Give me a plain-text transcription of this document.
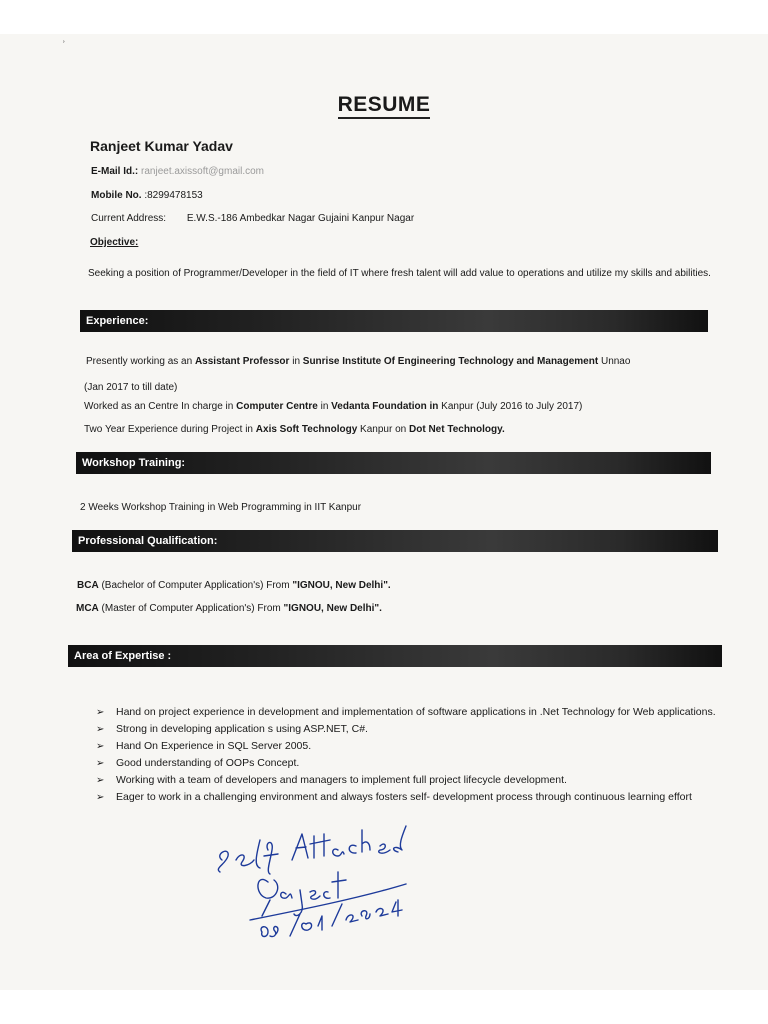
˒
RESUME
Ranjeet Kumar Yadav
E-Mail Id.: ranjeet.axissoft@gmail.com
Mobile No. :8299478153
Current Address: E.W.S.-186 Ambedkar Nagar Gujaini Kanpur Nagar
Objective:
Seeking a position of Programmer/Developer in the field of IT where fresh talent will add value to operations and utilize my skills and abilities.
Experience:
Presently working as an Assistant Professor in Sunrise Institute Of Engineering Technology and Management Unnao
(Jan 2017 to till date)
Worked as an Centre In charge in Computer Centre in Vedanta Foundation in Kanpur (July 2016 to July 2017)
Two Year Experience during Project in Axis Soft Technology Kanpur on Dot Net Technology.
Workshop Training:
2 Weeks Workshop Training in Web Programming in IIT Kanpur
Professional Qualification:
BCA (Bachelor of Computer Application's) From "IGNOU, New Delhi".
MCA (Master of Computer Application's) From "IGNOU, New Delhi".
Area of Expertise :
➢ Hand on project experience in development and implementation of software applications in .Net Technology for Web applications.
➢ Strong in developing application s using ASP.NET, C#.
➢ Hand On Experience in SQL Server 2005.
➢ Good understanding of OOPs Concept.
➢ Working with a team of developers and managers to implement full project lifecycle development.
➢ Eager to work in a challenging environment and always fosters self- development process through continuous learning effort
